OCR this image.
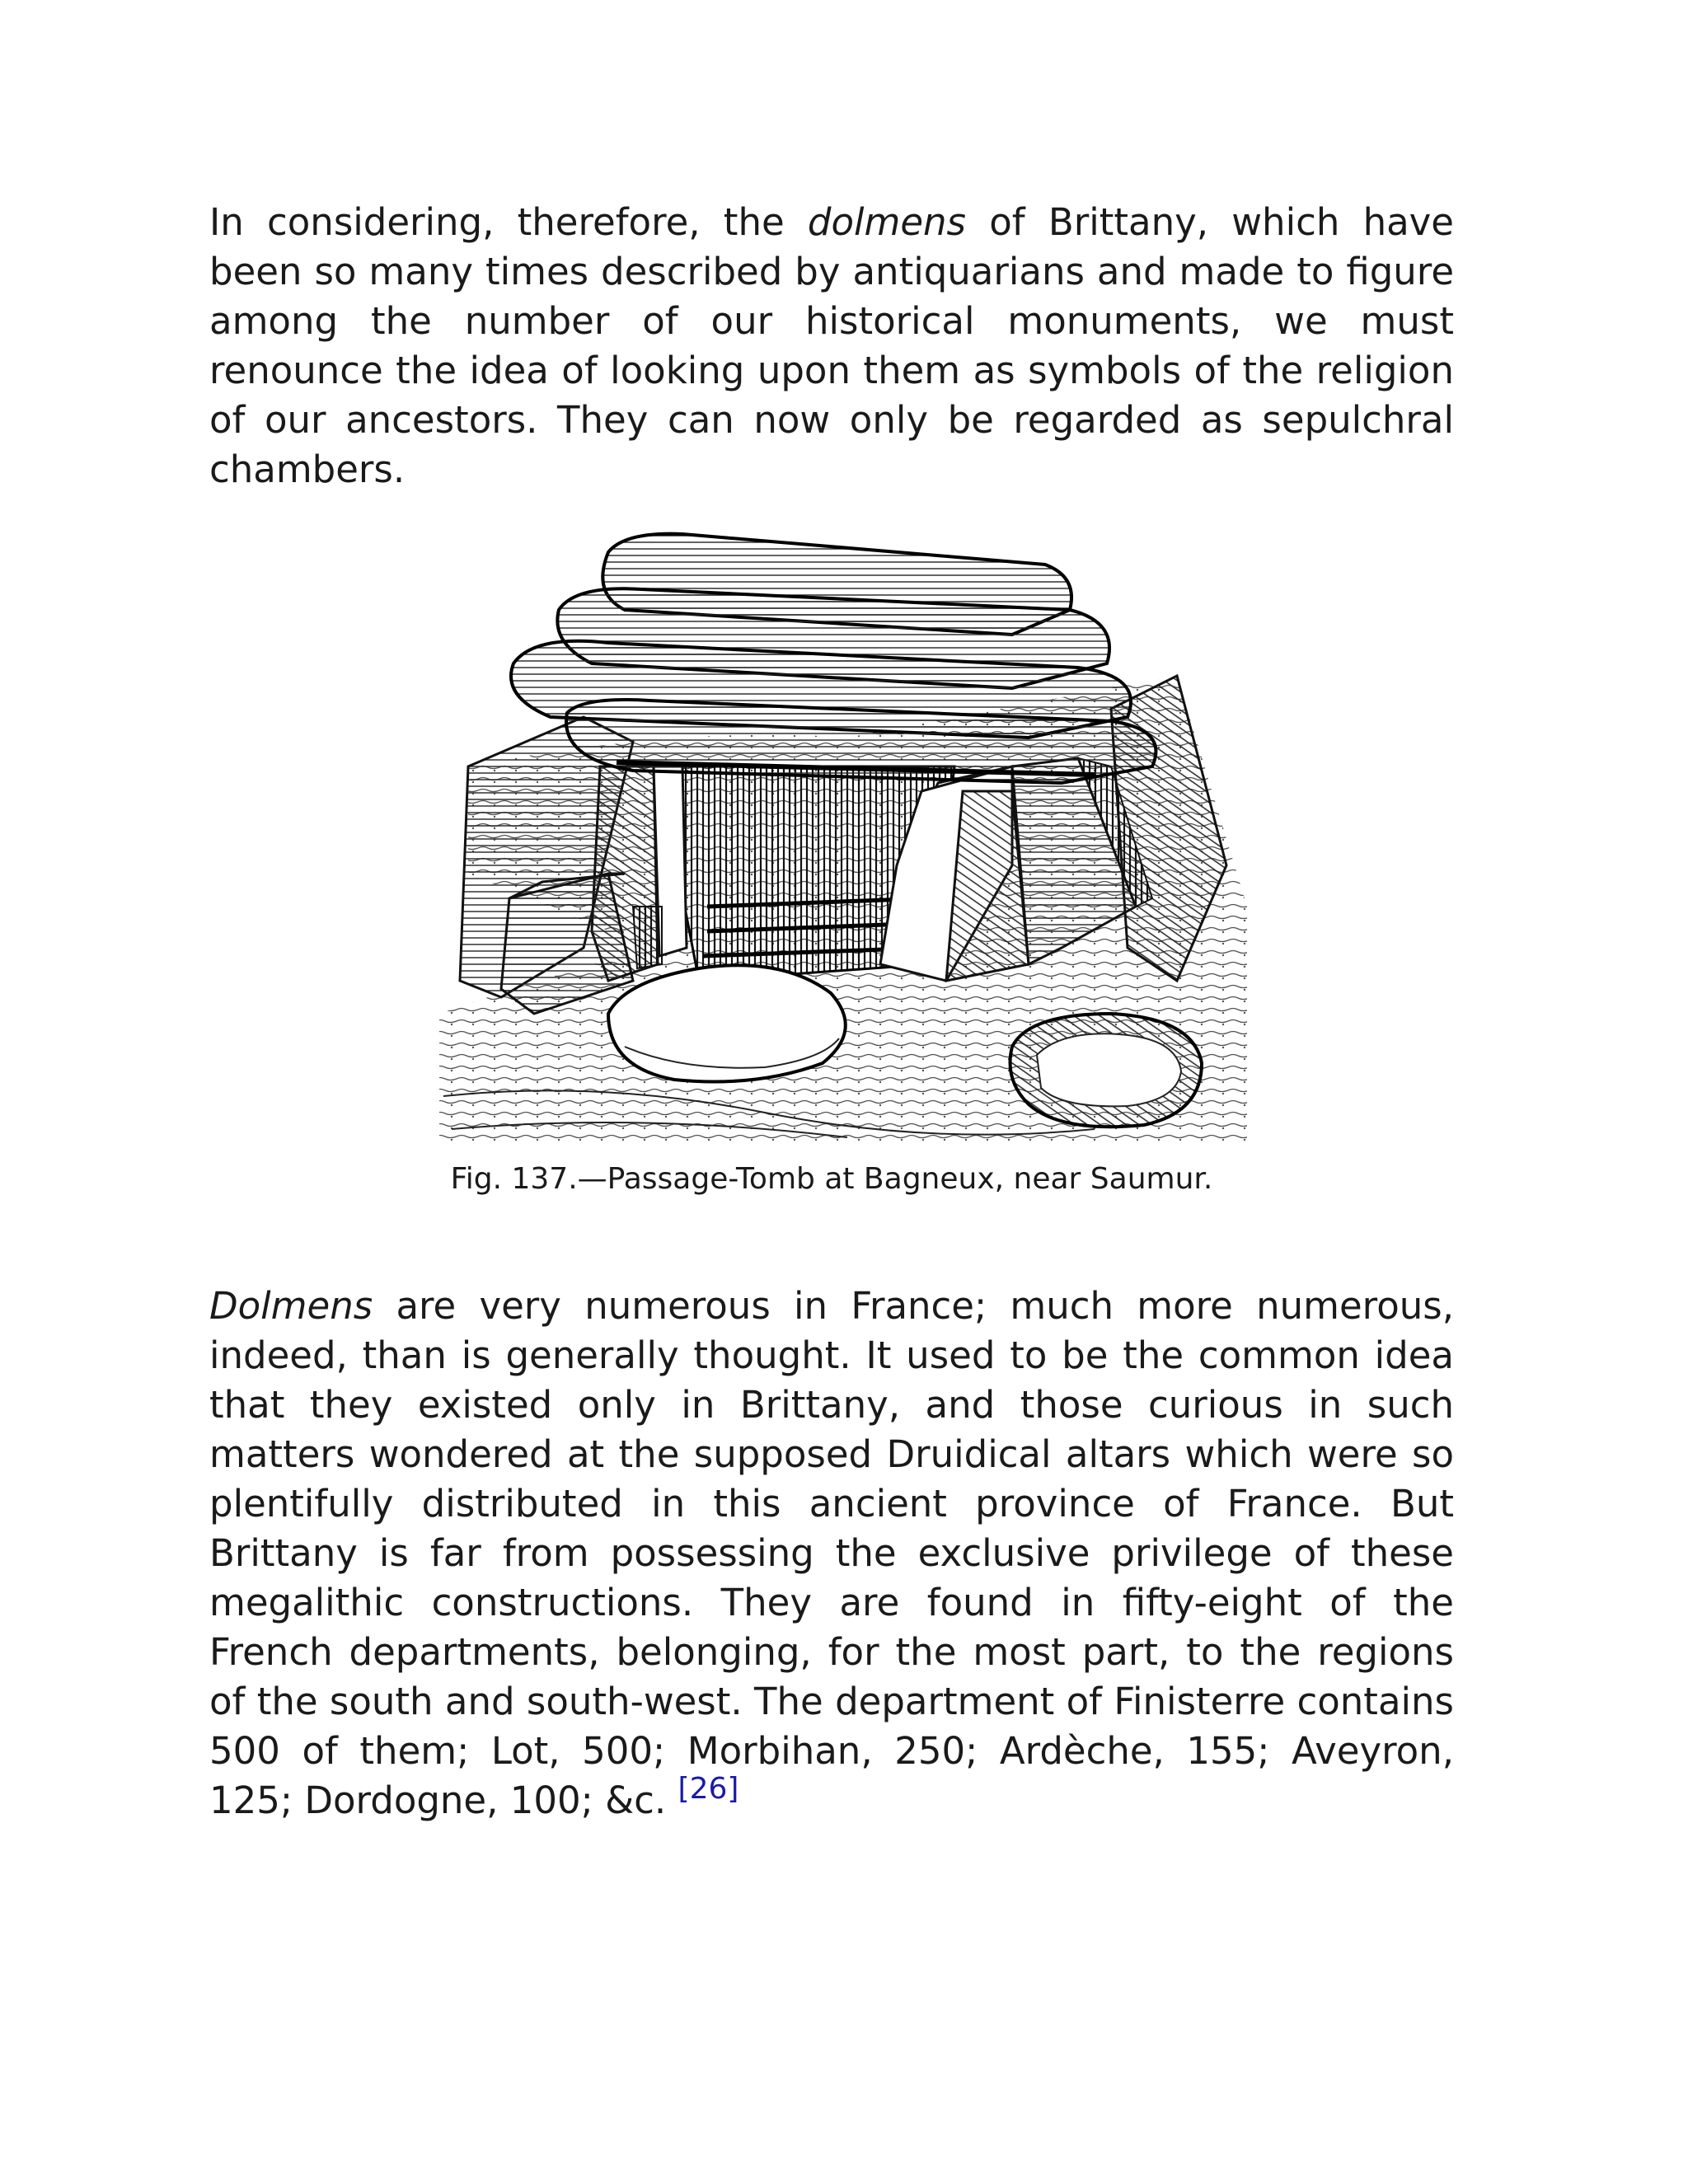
In considering, therefore, the dolmens of Brittany, which have been so many times described by antiquarians and made to figure among the number of our historical monuments, we must renounce the idea of looking upon them as symbols of the religion of our ancestors. They can now only be regarded as sepulchral chambers.

Fig. 137.—Passage-Tomb at Bagneux, near Saumur.

Dolmens are very numerous in France; much more numerous, indeed, than is generally thought. It used to be the common idea that they existed only in Brittany, and those curious in such matters wondered at the supposed Druidical altars which were so plentifully distributed in this ancient province of France. But Brittany is far from possessing the exclusive privilege of these megalithic constructions. They are found in fifty-eight of the French departments, belonging, for the most part, to the regions of the south and south-west. The department of Finisterre contains 500 of them; Lot, 500; Morbihan, 250; Ardèche, 155; Aveyron, 125; Dordogne, 100; &c. [26]
